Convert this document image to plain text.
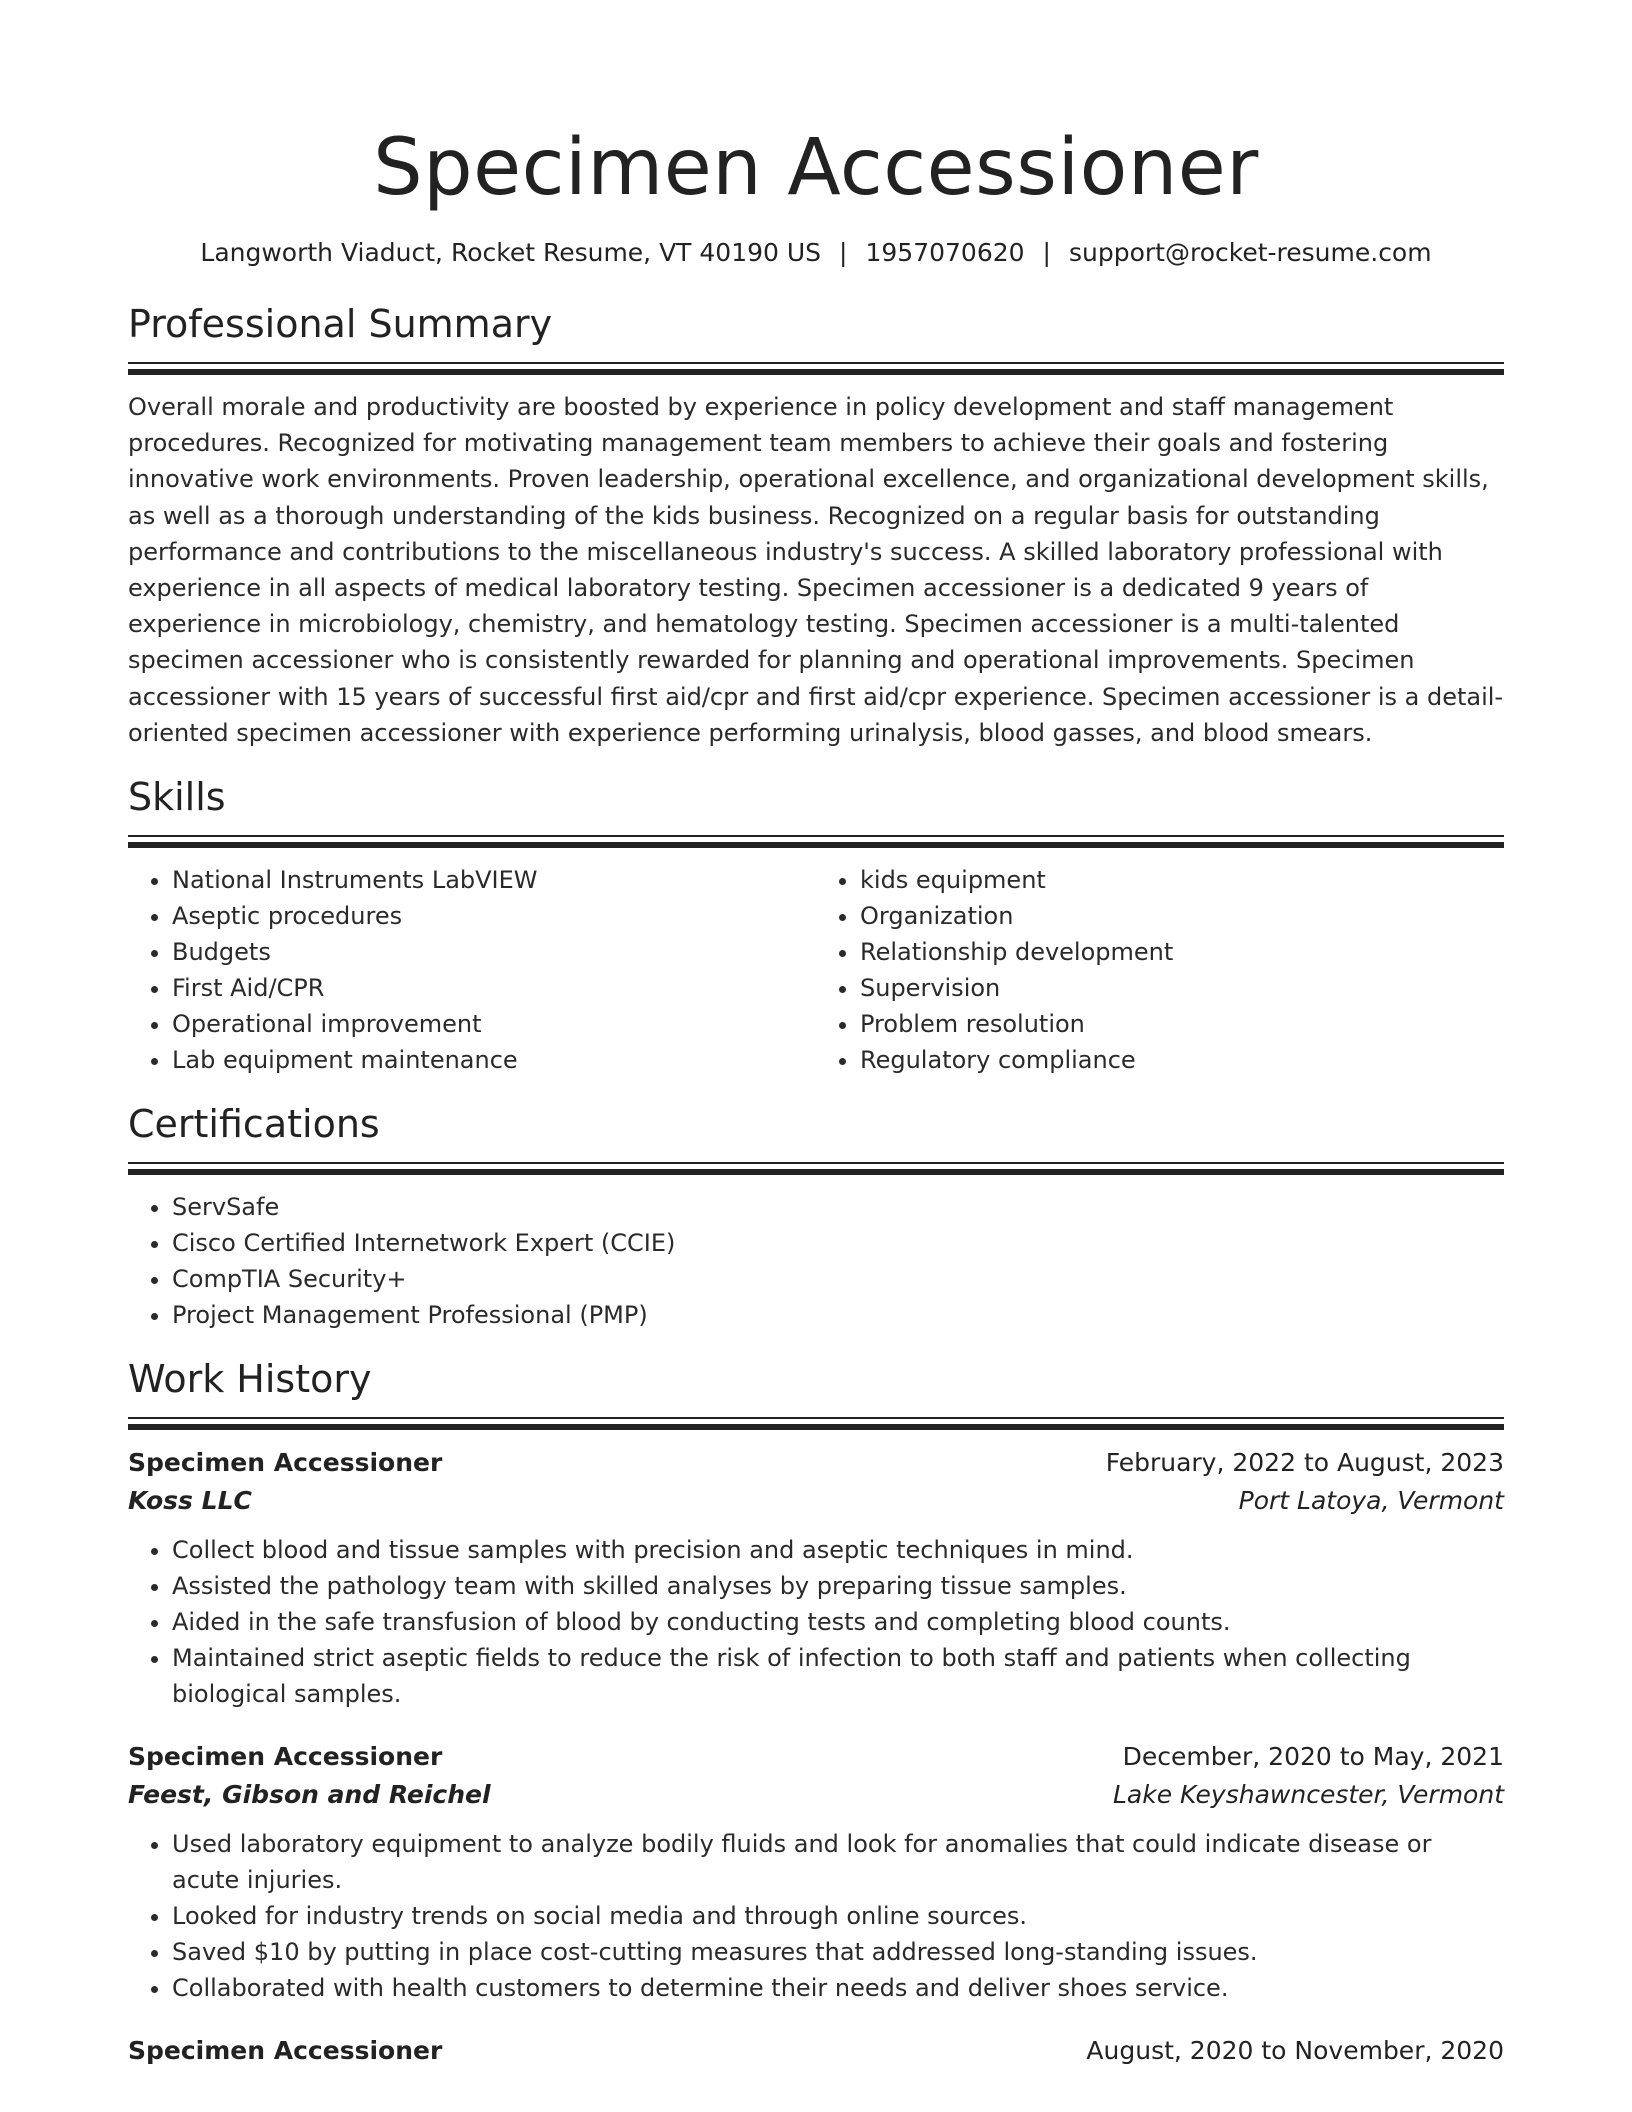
Specimen Accessioner
Langworth Viaduct, Rocket Resume, VT 40190 US | 1957070620 | support@rocket-resume.com
Professional Summary
Overall morale and productivity are boosted by experience in policy development and staff management procedures. Recognized for motivating management team members to achieve their goals and fostering innovative work environments. Proven leadership, operational excellence, and organizational development skills, as well as a thorough understanding of the kids business. Recognized on a regular basis for outstanding performance and contributions to the miscellaneous industry's success. A skilled laboratory professional with experience in all aspects of medical laboratory testing. Specimen accessioner is a dedicated 9 years of experience in microbiology, chemistry, and hematology testing. Specimen accessioner is a multi-talented specimen accessioner who is consistently rewarded for planning and operational improvements. Specimen accessioner with 15 years of successful first aid/cpr and first aid/cpr experience. Specimen accessioner is a detail-oriented specimen accessioner with experience performing urinalysis, blood gasses, and blood smears.
Skills
• National Instruments LabVIEW
• Aseptic procedures
• Budgets
• First Aid/CPR
• Operational improvement
• Lab equipment maintenance
• kids equipment
• Organization
• Relationship development
• Supervision
• Problem resolution
• Regulatory compliance
Certifications
• ServSafe
• Cisco Certified Internetwork Expert (CCIE)
• CompTIA Security+
• Project Management Professional (PMP)
Work History
Specimen Accessioner	February, 2022 to August, 2023
Koss LLC	Port Latoya, Vermont
• Collect blood and tissue samples with precision and aseptic techniques in mind.
• Assisted the pathology team with skilled analyses by preparing tissue samples.
• Aided in the safe transfusion of blood by conducting tests and completing blood counts.
• Maintained strict aseptic fields to reduce the risk of infection to both staff and patients when collecting biological samples.
Specimen Accessioner	December, 2020 to May, 2021
Feest, Gibson and Reichel	Lake Keyshawncester, Vermont
• Used laboratory equipment to analyze bodily fluids and look for anomalies that could indicate disease or acute injuries.
• Looked for industry trends on social media and through online sources.
• Saved $10 by putting in place cost-cutting measures that addressed long-standing issues.
• Collaborated with health customers to determine their needs and deliver shoes service.
Specimen Accessioner	August, 2020 to November, 2020
